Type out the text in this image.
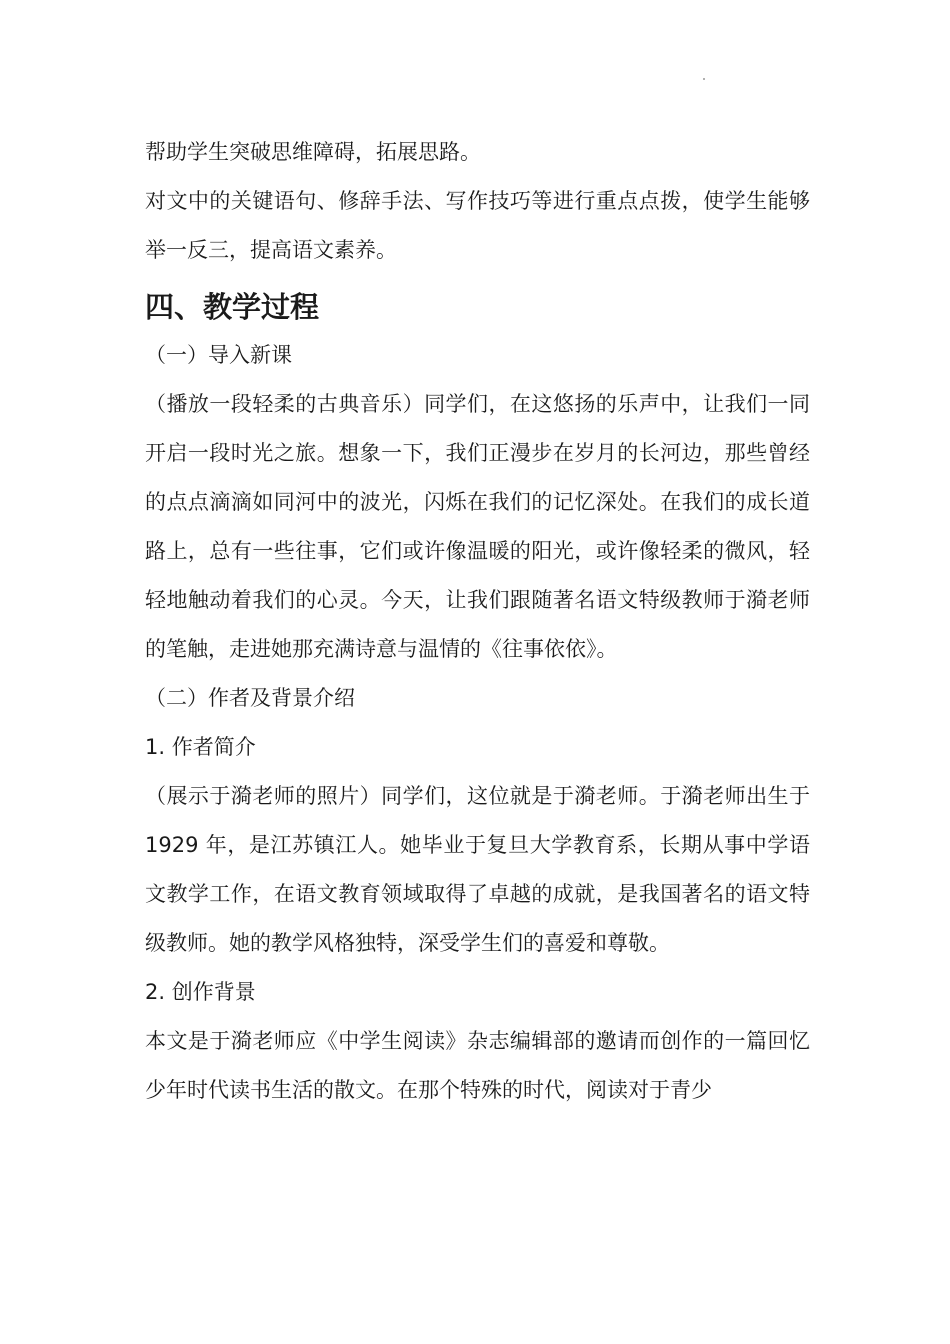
帮助学生突破思维障碍，拓展思路。

对文中的关键语句、修辞手法、写作技巧等进行重点点拨，使学生能够举一反三，提高语文素养。

四、教学过程

（一）导入新课

（播放一段轻柔的古典音乐）同学们，在这悠扬的乐声中，让我们一同开启一段时光之旅。想象一下，我们正漫步在岁月的长河边，那些曾经的点点滴滴如同河中的波光，闪烁在我们的记忆深处。在我们的成长道路上，总有一些往事，它们或许像温暖的阳光，或许像轻柔的微风，轻轻地触动着我们的心灵。今天，让我们跟随著名语文特级教师于漪老师的笔触，走进她那充满诗意与温情的《往事依依》。

（二）作者及背景介绍

1. 作者简介

（展示于漪老师的照片）同学们，这位就是于漪老师。于漪老师出生于 1929 年，是江苏镇江人。她毕业于复旦大学教育系，长期从事中学语文教学工作，在语文教育领域取得了卓越的成就，是我国著名的语文特级教师。她的教学风格独特，深受学生们的喜爱和尊敬。

2. 创作背景

本文是于漪老师应《中学生阅读》杂志编辑部的邀请而创作的一篇回忆少年时代读书生活的散文。在那个特殊的时代，阅读对于青少
